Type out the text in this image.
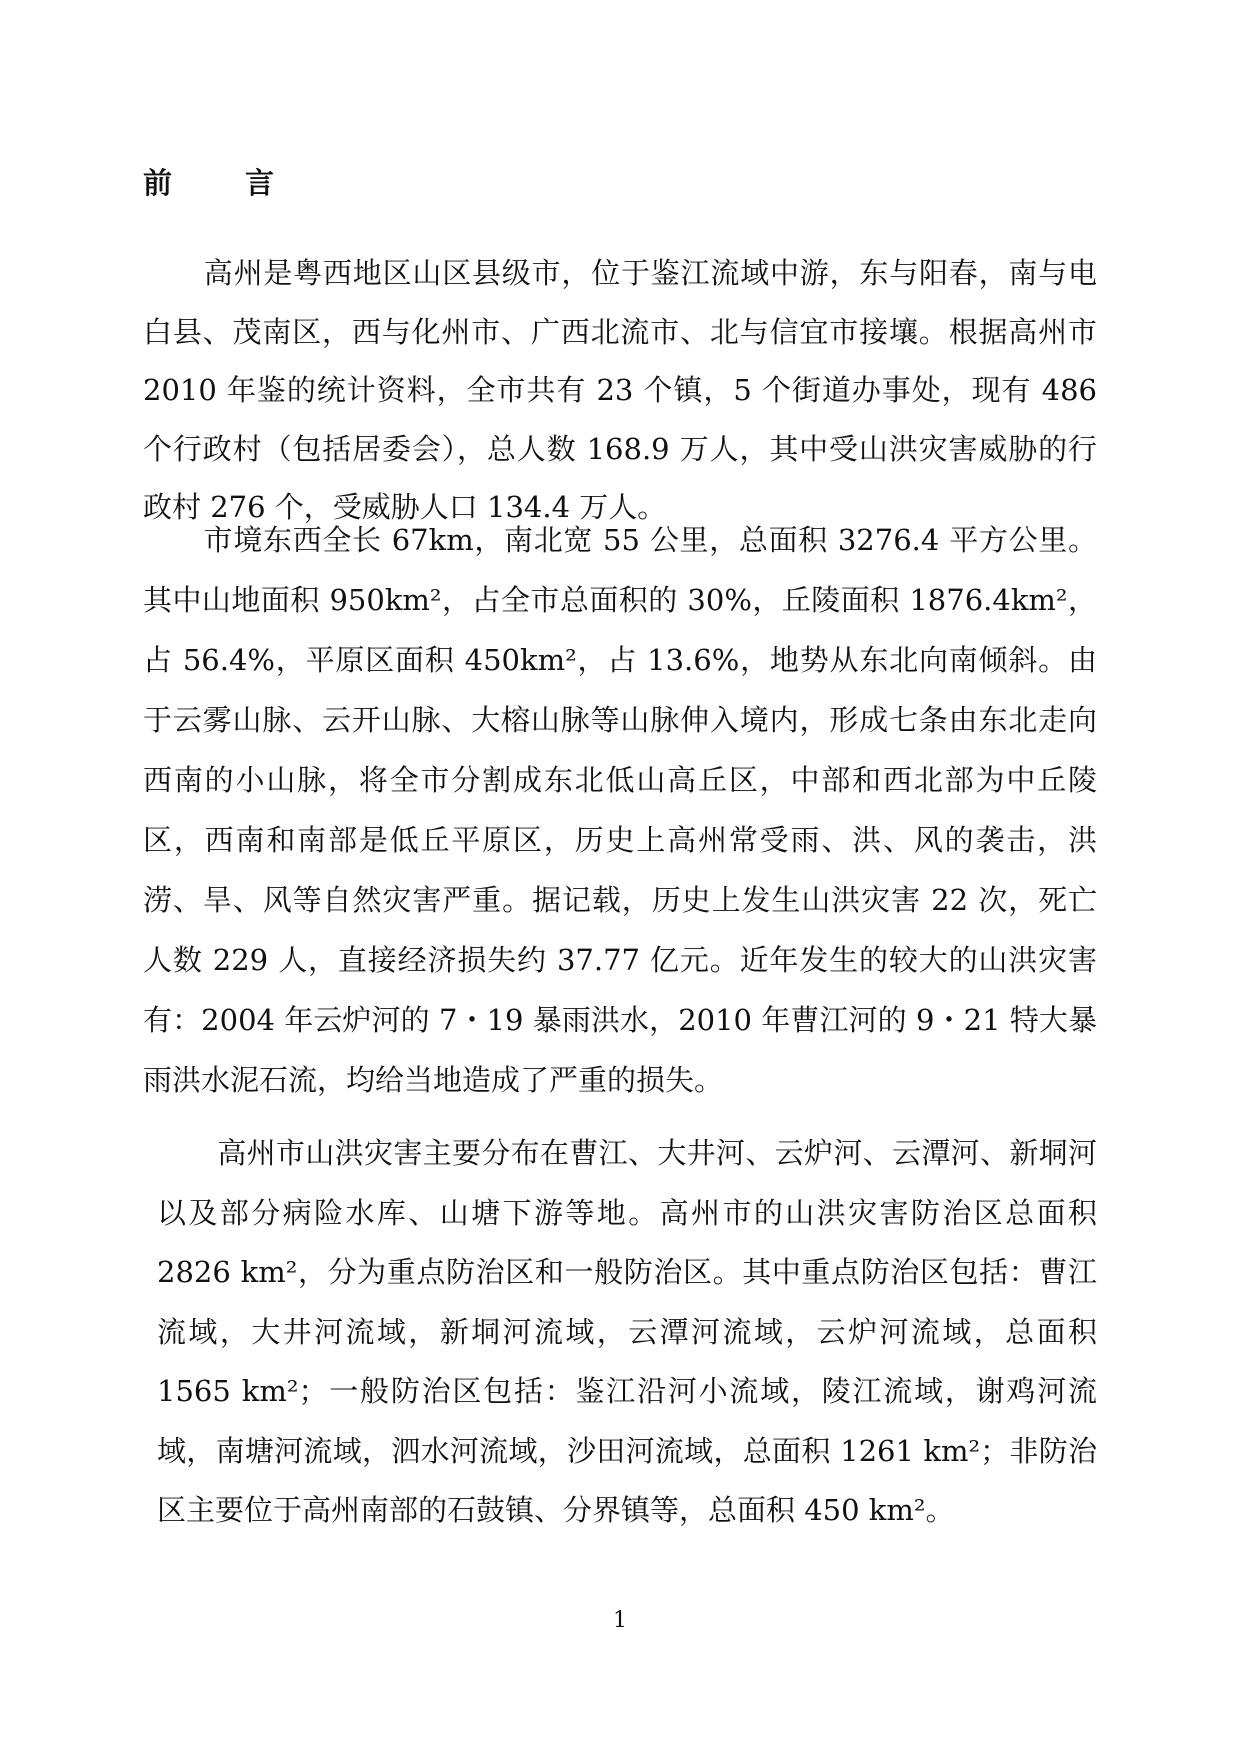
前　言

高州是粤西地区山区县级市，位于鉴江流域中游，东与阳春，南与电白县、茂南区，西与化州市、广西北流市、北与信宜市接壤。根据高州市 2010 年鉴的统计资料，全市共有 23 个镇，5 个街道办事处，现有 486 个行政村（包括居委会），总人数 168.9 万人，其中受山洪灾害威胁的行政村 276 个，受威胁人口 134.4 万人。

市境东西全长 67km，南北宽 55 公里，总面积 3276.4 平方公里。其中山地面积 950km²，占全市总面积的 30%，丘陵面积 1876.4km²，占 56.4%，平原区面积 450km²，占 13.6%，地势从东北向南倾斜。由于云雾山脉、云开山脉、大榕山脉等山脉伸入境内，形成七条由东北走向西南的小山脉，将全市分割成东北低山高丘区，中部和西北部为中丘陵区，西南和南部是低丘平原区，历史上高州常受雨、洪、风的袭击，洪涝、旱、风等自然灾害严重。据记载，历史上发生山洪灾害 22 次，死亡人数 229 人，直接经济损失约 37.77 亿元。近年发生的较大的山洪灾害有：2004 年云炉河的 7・19 暴雨洪水，2010 年曹江河的 9・21 特大暴雨洪水泥石流，均给当地造成了严重的损失。

高州市山洪灾害主要分布在曹江、大井河、云炉河、云潭河、新垌河以及部分病险水库、山塘下游等地。高州市的山洪灾害防治区总面积 2826 km²，分为重点防治区和一般防治区。其中重点防治区包括：曹江流域，大井河流域，新垌河流域，云潭河流域，云炉河流域，总面积 1565 km²；一般防治区包括：鉴江沿河小流域，陵江流域，谢鸡河流域，南塘河流域，泗水河流域，沙田河流域，总面积 1261 km²；非防治区主要位于高州南部的石鼓镇、分界镇等，总面积 450 km²。

1
